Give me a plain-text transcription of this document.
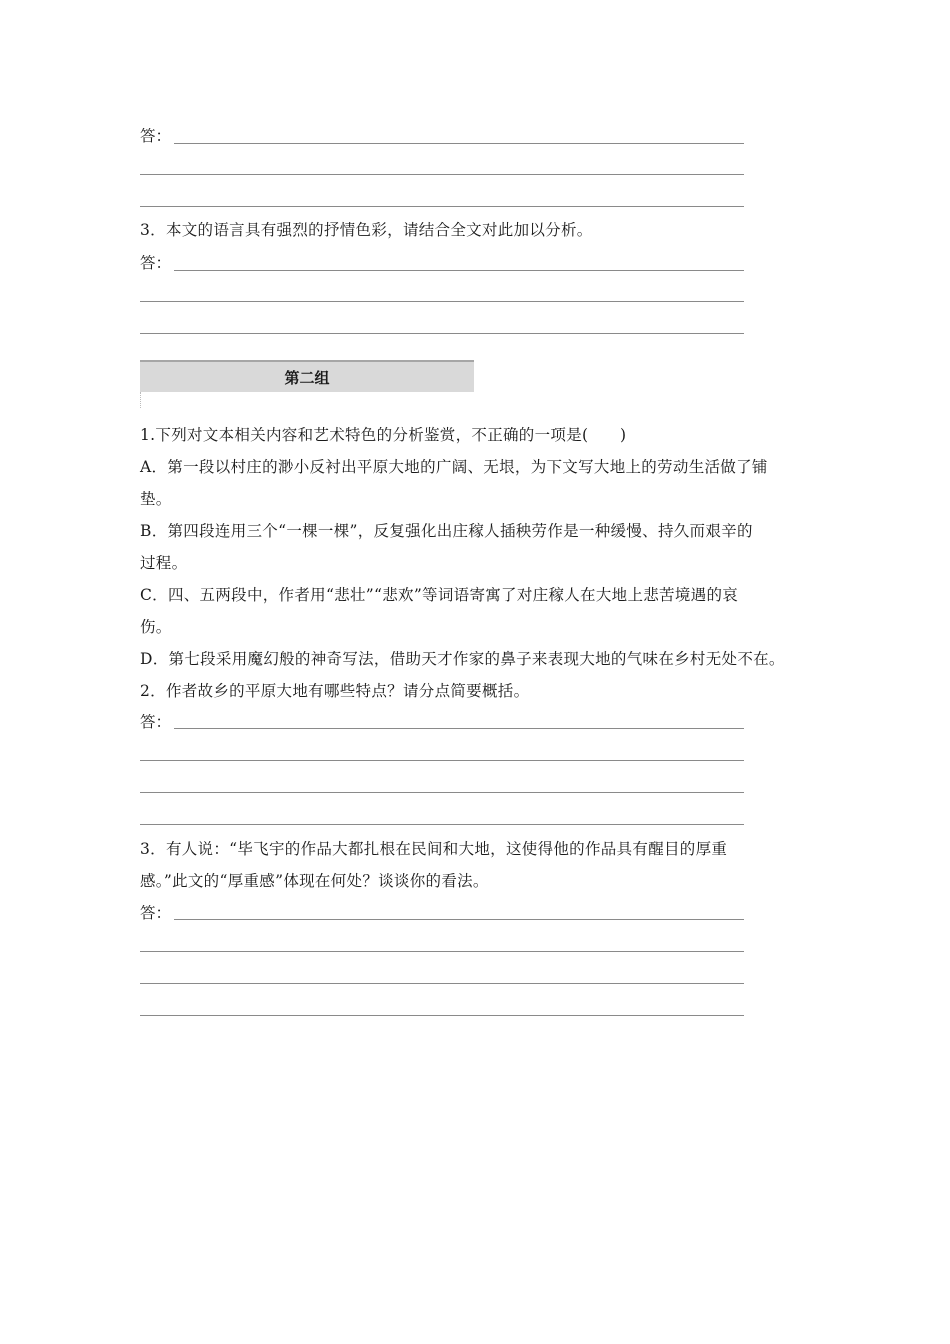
答：
3．本文的语言具有强烈的抒情色彩，请结合全文对此加以分析。
答：
第二组
1.下列对文本相关内容和艺术特色的分析鉴赏，不正确的一项是(　　)
A．第一段以村庄的渺小反衬出平原大地的广阔、无垠，为下文写大地上的劳动生活做了铺
垫。
B．第四段连用三个“一棵一棵”，反复强化出庄稼人插秧劳作是一种缓慢、持久而艰辛的
过程。
C．四、五两段中，作者用“悲壮”“悲欢”等词语寄寓了对庄稼人在大地上悲苦境遇的哀
伤。
D．第七段采用魔幻般的神奇写法，借助天才作家的鼻子来表现大地的气味在乡村无处不在。
2．作者故乡的平原大地有哪些特点？请分点简要概括。
答：
3．有人说：“毕飞宇的作品大都扎根在民间和大地，这使得他的作品具有醒目的厚重
感。”此文的“厚重感”体现在何处？谈谈你的看法。
答：
